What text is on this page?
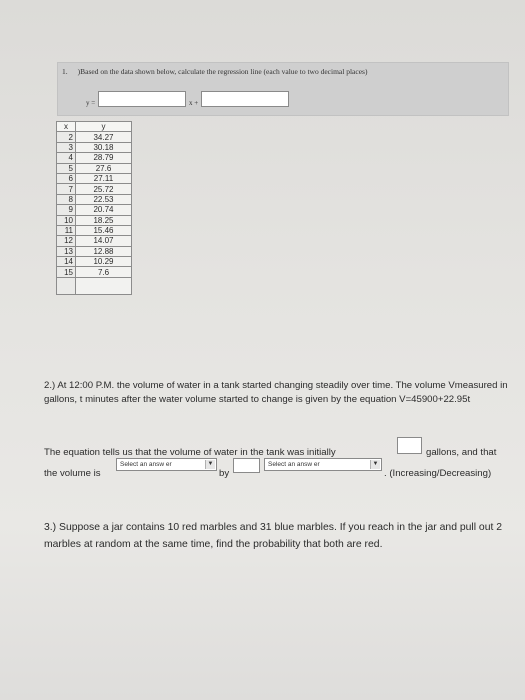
1. )Based on the data shown below, calculate the regression line (each value to two decimal places)
y =	x +
x	y
2	34.27
3	30.18
4	28.79
5	27.6
6	27.11
7	25.72
8	22.53
9	20.74
10	18.25
11	15.46
12	14.07
13	12.88
14	10.29
15	7.6

2.) At 12:00 P.M. the volume of water in a tank started changing steadily over time. The volume Vmeasured in gallons, t minutes after the water volume started to change is given by the equation V=45900+22.95t
The equation tells us that the volume of water in the tank was initially	gallons, and that
the volume is
Select an answ er	▼
by
Select an answ er	▼
. (Increasing/Decreasing)
3.) Suppose a jar contains 10 red marbles and 31 blue marbles. If you reach in the jar and pull out 2 marbles at random at the same time, find the probability that both are red.
